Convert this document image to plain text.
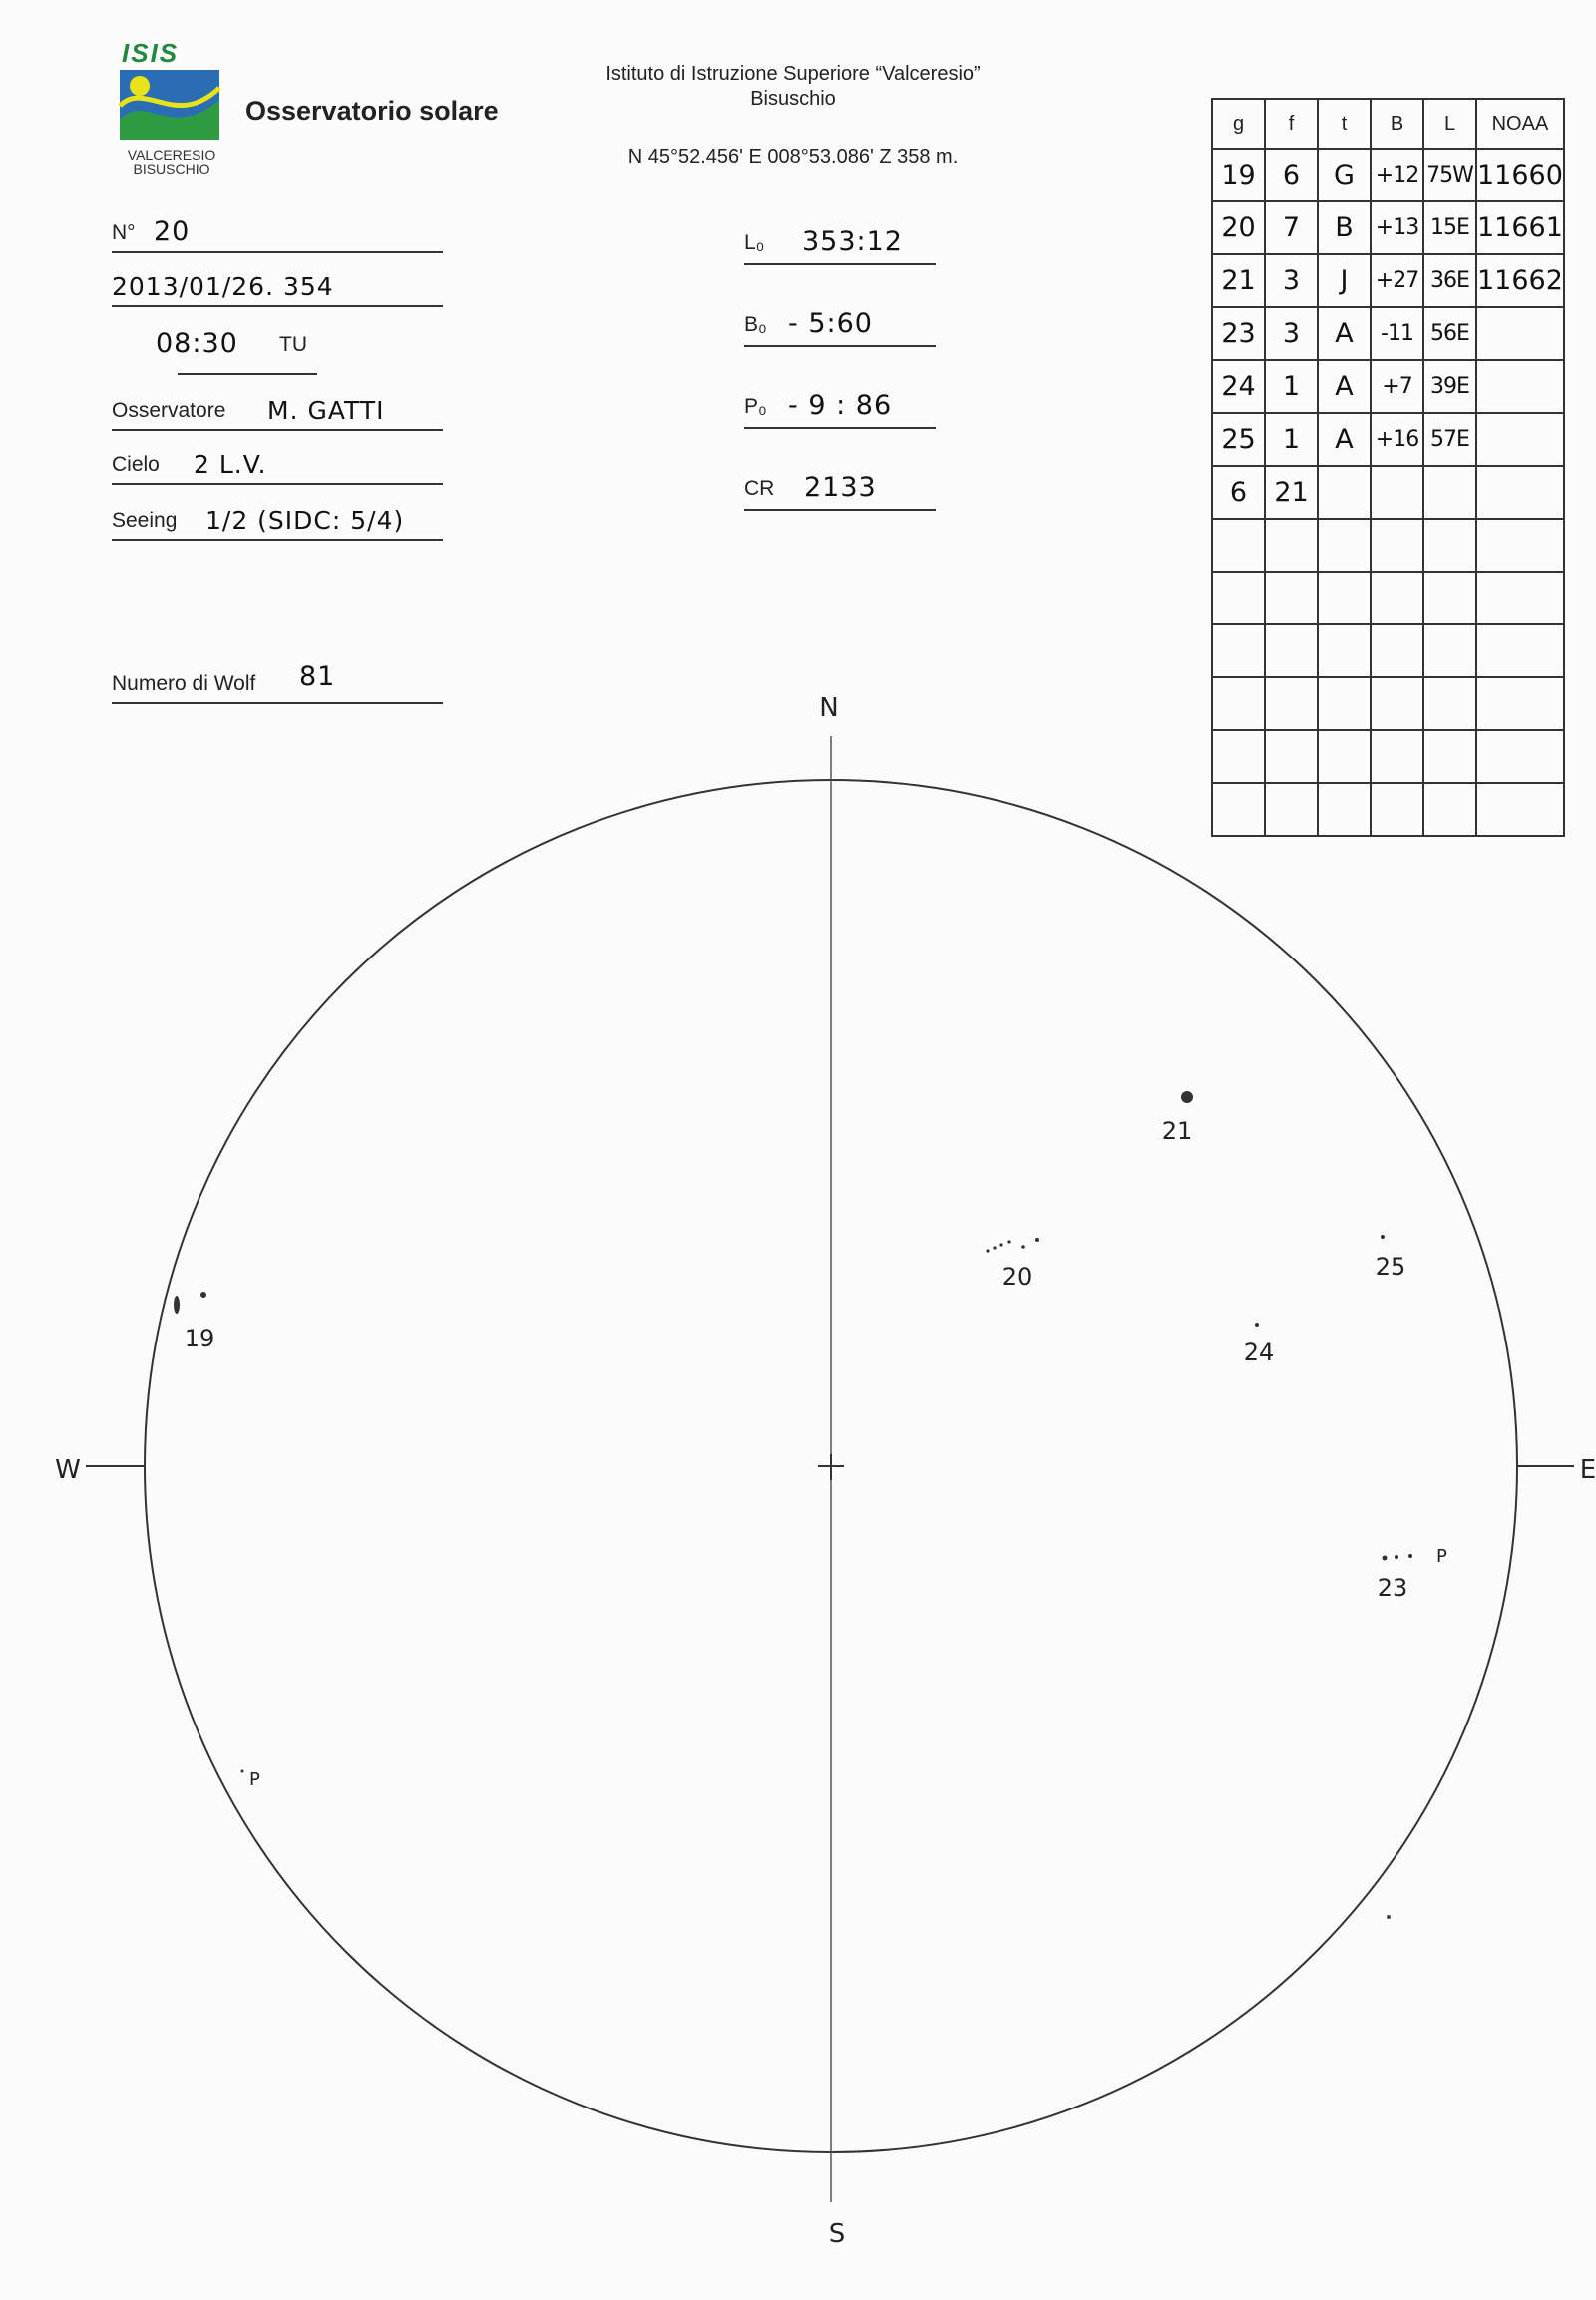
ISIS
VALCERESIO
BISUSCHIO
Osservatorio solare
Istituto di Istruzione Superiore “Valceresio”
Bisuschio
N 45°52.456' E 008°53.086' Z 358 m.
N° 20
2013/01/26. 354
08:30 TU
Osservatore M. GATTI
Cielo 2 L.V.
Seeing 1/2 (SIDC: 5/4)
Numero di Wolf 81
L₀ 353:12
B₀ - 5:60
P₀ - 9 : 86
CR 2133
g	f	t	B	L	NOAA
19	6	G	+12	75W	11660
20	7	B	+13	15E	11661
21	3	J	+27	36E	11662
23	3	A	-11	56E	
24	1	A	+7	39E	
25	1	A	+16	57E	
6	21				

N
S
W	E
19
20
21
P
23
24
25
P
